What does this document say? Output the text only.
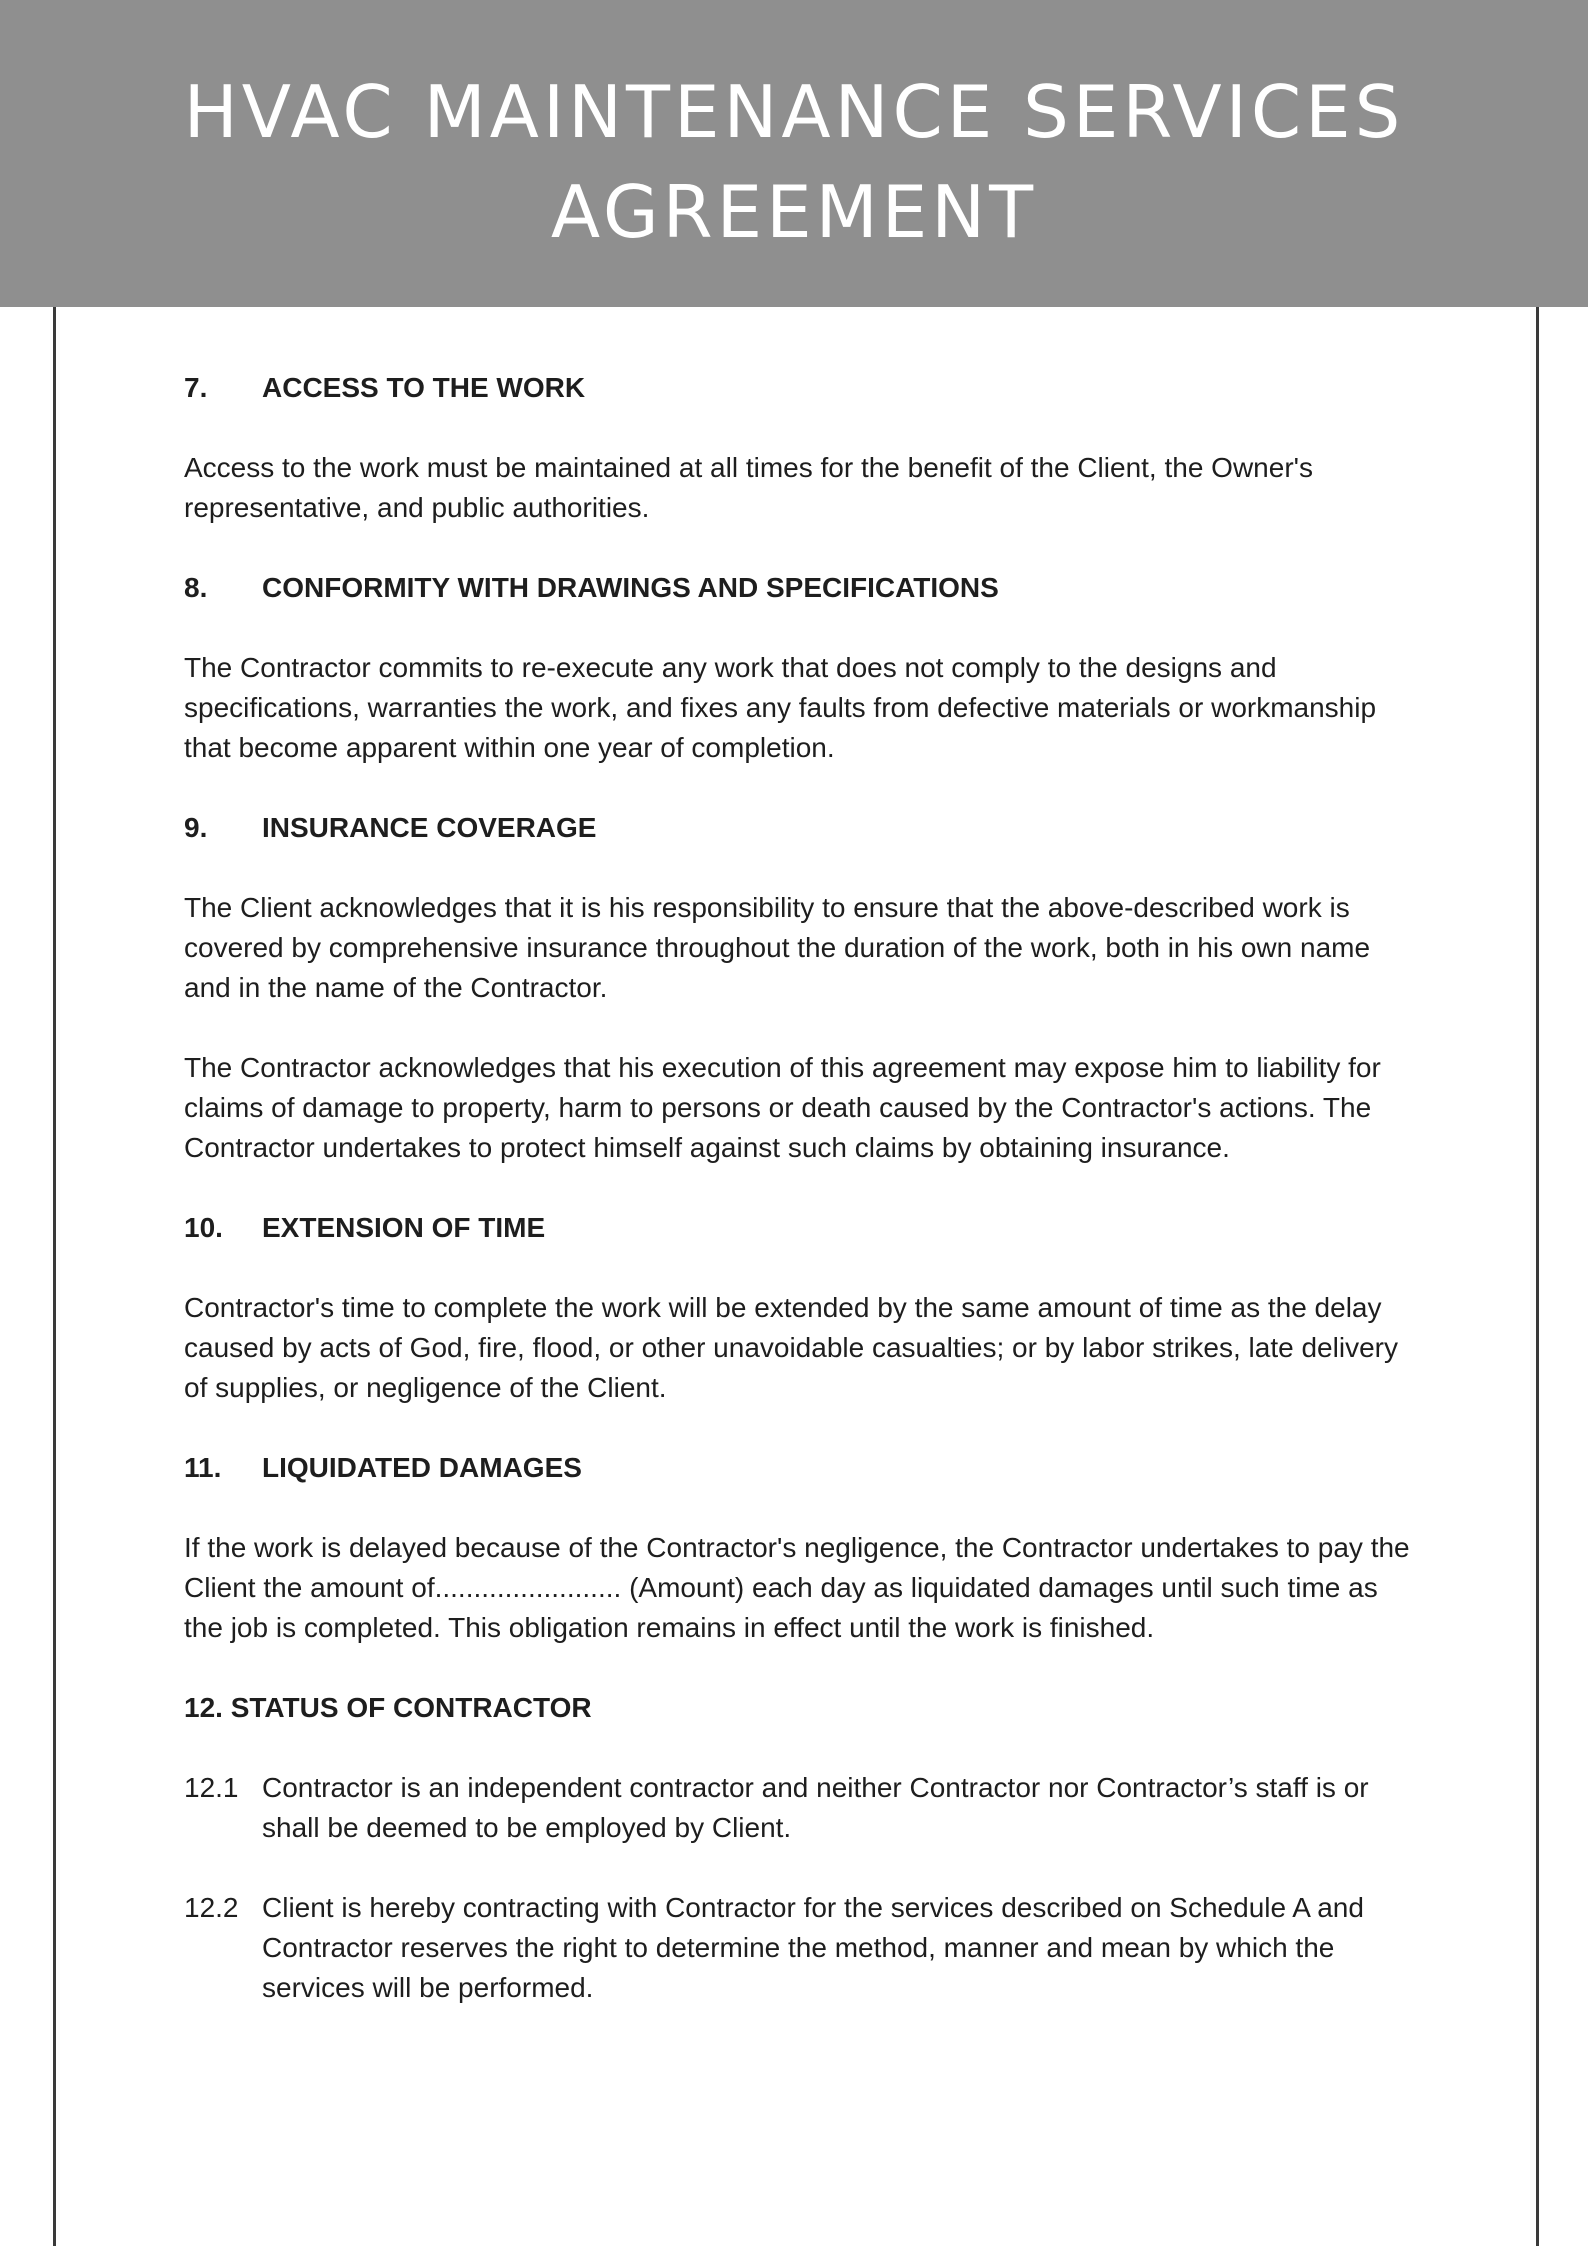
HVAC MAINTENANCE SERVICES
AGREEMENT
7. ACCESS TO THE WORK
Access to the work must be maintained at all times for the benefit of the Client, the Owner's representative, and public authorities.
8. CONFORMITY WITH DRAWINGS AND SPECIFICATIONS
The Contractor commits to re-execute any work that does not comply to the designs and specifications, warranties the work, and fixes any faults from defective materials or workmanship that become apparent within one year of completion.
9. INSURANCE COVERAGE
The Client acknowledges that it is his responsibility to ensure that the above-described work is covered by comprehensive insurance throughout the duration of the work, both in his own name and in the name of the Contractor.
The Contractor acknowledges that his execution of this agreement may expose him to liability for claims of damage to property, harm to persons or death caused by the Contractor's actions. The Contractor undertakes to protect himself against such claims by obtaining insurance.
10. EXTENSION OF TIME
Contractor's time to complete the work will be extended by the same amount of time as the delay caused by acts of God, fire, flood, or other unavoidable casualties; or by labor strikes, late delivery of supplies, or negligence of the Client.
11. LIQUIDATED DAMAGES
If the work is delayed because of the Contractor's negligence, the Contractor undertakes to pay the Client the amount of........................ (Amount) each day as liquidated damages until such time as the job is completed. This obligation remains in effect until the work is finished.
12. STATUS OF CONTRACTOR
12.1 Contractor is an independent contractor and neither Contractor nor Contractor’s staff is or shall be deemed to be employed by Client.
12.2 Client is hereby contracting with Contractor for the services described on Schedule A and Contractor reserves the right to determine the method, manner and mean by which the services will be performed.
